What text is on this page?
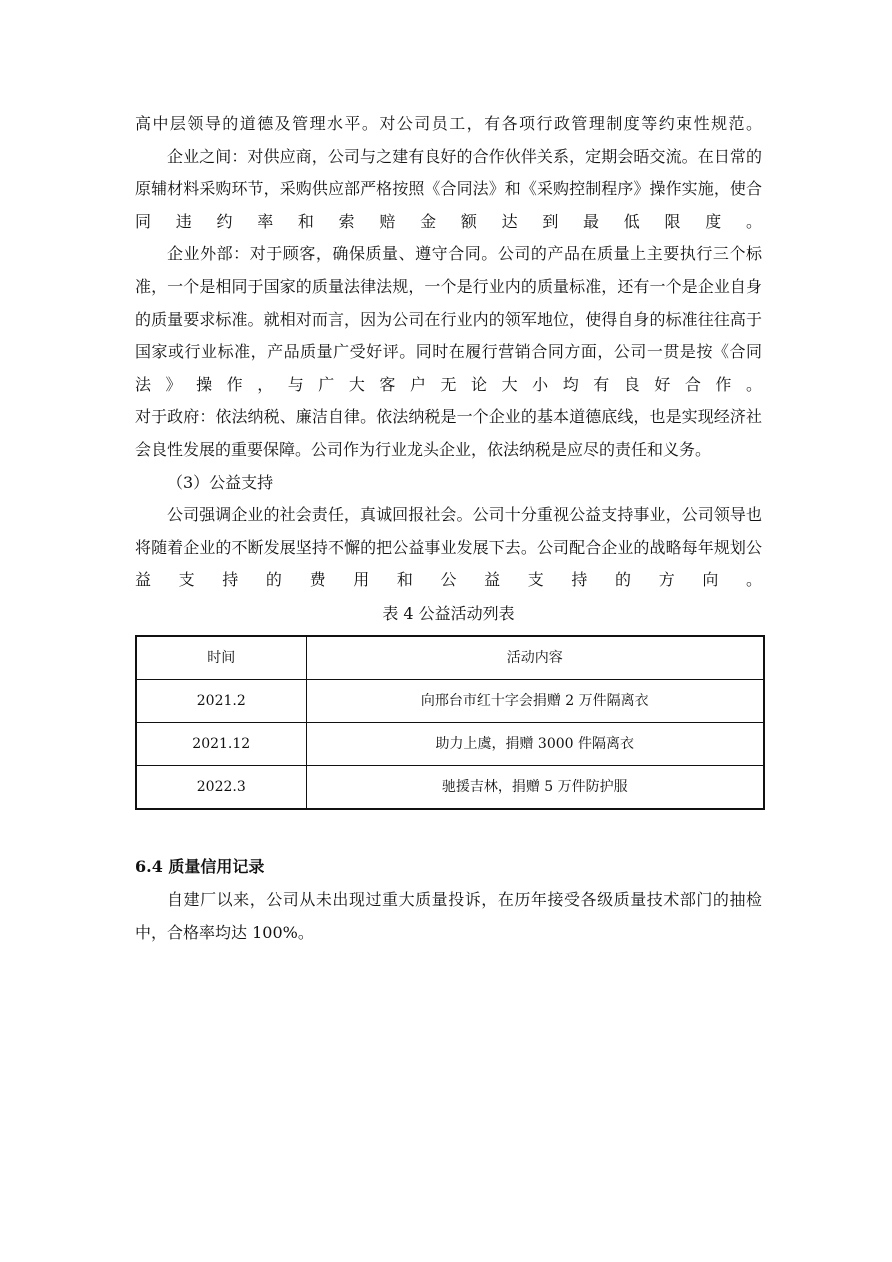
高中层领导的道德及管理水平。对公司员工，有各项行政管理制度等约束性规范。

企业之间：对供应商，公司与之建有良好的合作伙伴关系，定期会晤交流。在日常的原辅材料采购环节，采购供应部严格按照《合同法》和《采购控制程序》操作实施，使合同违约率和索赔金额达到最低限度。

企业外部：对于顾客，确保质量、遵守合同。公司的产品在质量上主要执行三个标准，一个是相同于国家的质量法律法规，一个是行业内的质量标准，还有一个是企业自身的质量要求标准。就相对而言，因为公司在行业内的领军地位，使得自身的标准往往高于国家或行业标准，产品质量广受好评。同时在履行营销合同方面，公司一贯是按《合同法》操作，与广大客户无论大小均有良好合作。

对于政府：依法纳税、廉洁自律。依法纳税是一个企业的基本道德底线，也是实现经济社会良性发展的重要保障。公司作为行业龙头企业，依法纳税是应尽的责任和义务。

（3）公益支持

公司强调企业的社会责任，真诚回报社会。公司十分重视公益支持事业，公司领导也将随着企业的不断发展坚持不懈的把公益事业发展下去。公司配合企业的战略每年规划公益支持的费用和公益支持的方向。

表 4 公益活动列表
时间	活动内容
2021.2	向邢台市红十字会捐赠 2 万件隔离衣
2021.12	助力上虞，捐赠 3000 件隔离衣
2022.3	驰援吉林，捐赠 5 万件防护服

6.4 质量信用记录

自建厂以来，公司从未出现过重大质量投诉，在历年接受各级质量技术部门的抽检中，合格率均达 100%。
